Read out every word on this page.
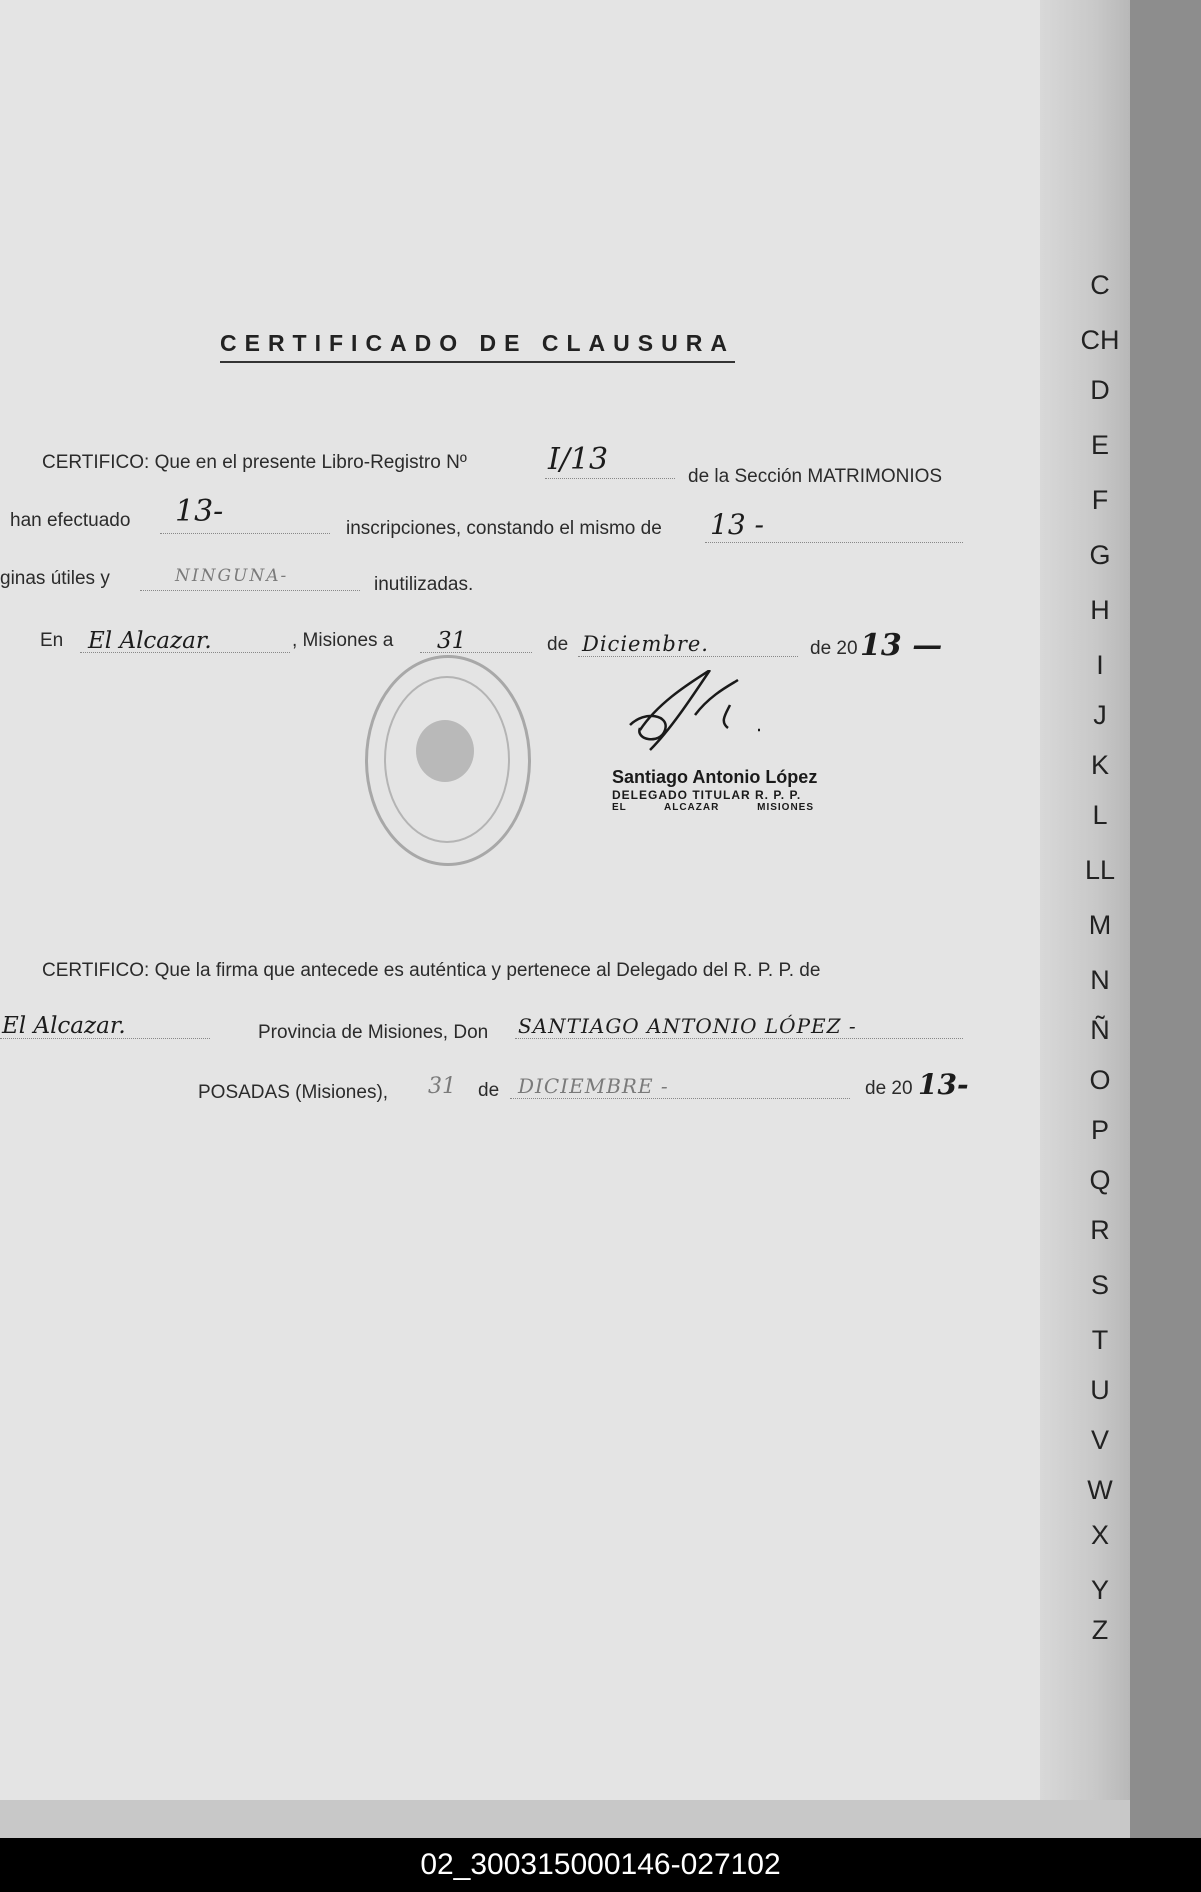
CERTIFICADO DE CLAUSURA
CERTIFICO: Que en el presente Libro-Registro Nº	I/13	de la Sección MATRIMONIOS
han efectuado 13-	inscripciones, constando el mismo de 13 -
ginas útiles y	NINGUNA-	inutilizadas.
En El Alcazar.	, Misiones a 31	de Diciembre.	de 20 13 —
Santiago Antonio López
DELEGADO TITULAR R. P. P.
EL ALCAZAR	MISIONES
CERTIFICO: Que la firma que antecede es auténtica y pertenece al Delegado del R. P. P. de
El Alcazar.	Provincia de Misiones, Don SANTIAGO ANTONIO LÓPEZ -
POSADAS (Misiones), 31 de DICIEMBRE -	de 20 13-
C
CH
D
E
F
G
H
I
J
K
L
LL
M
N
Ñ
O
P
Q
R
S
T
U
V
W
X
Y
Z
02_300315000146-027102
